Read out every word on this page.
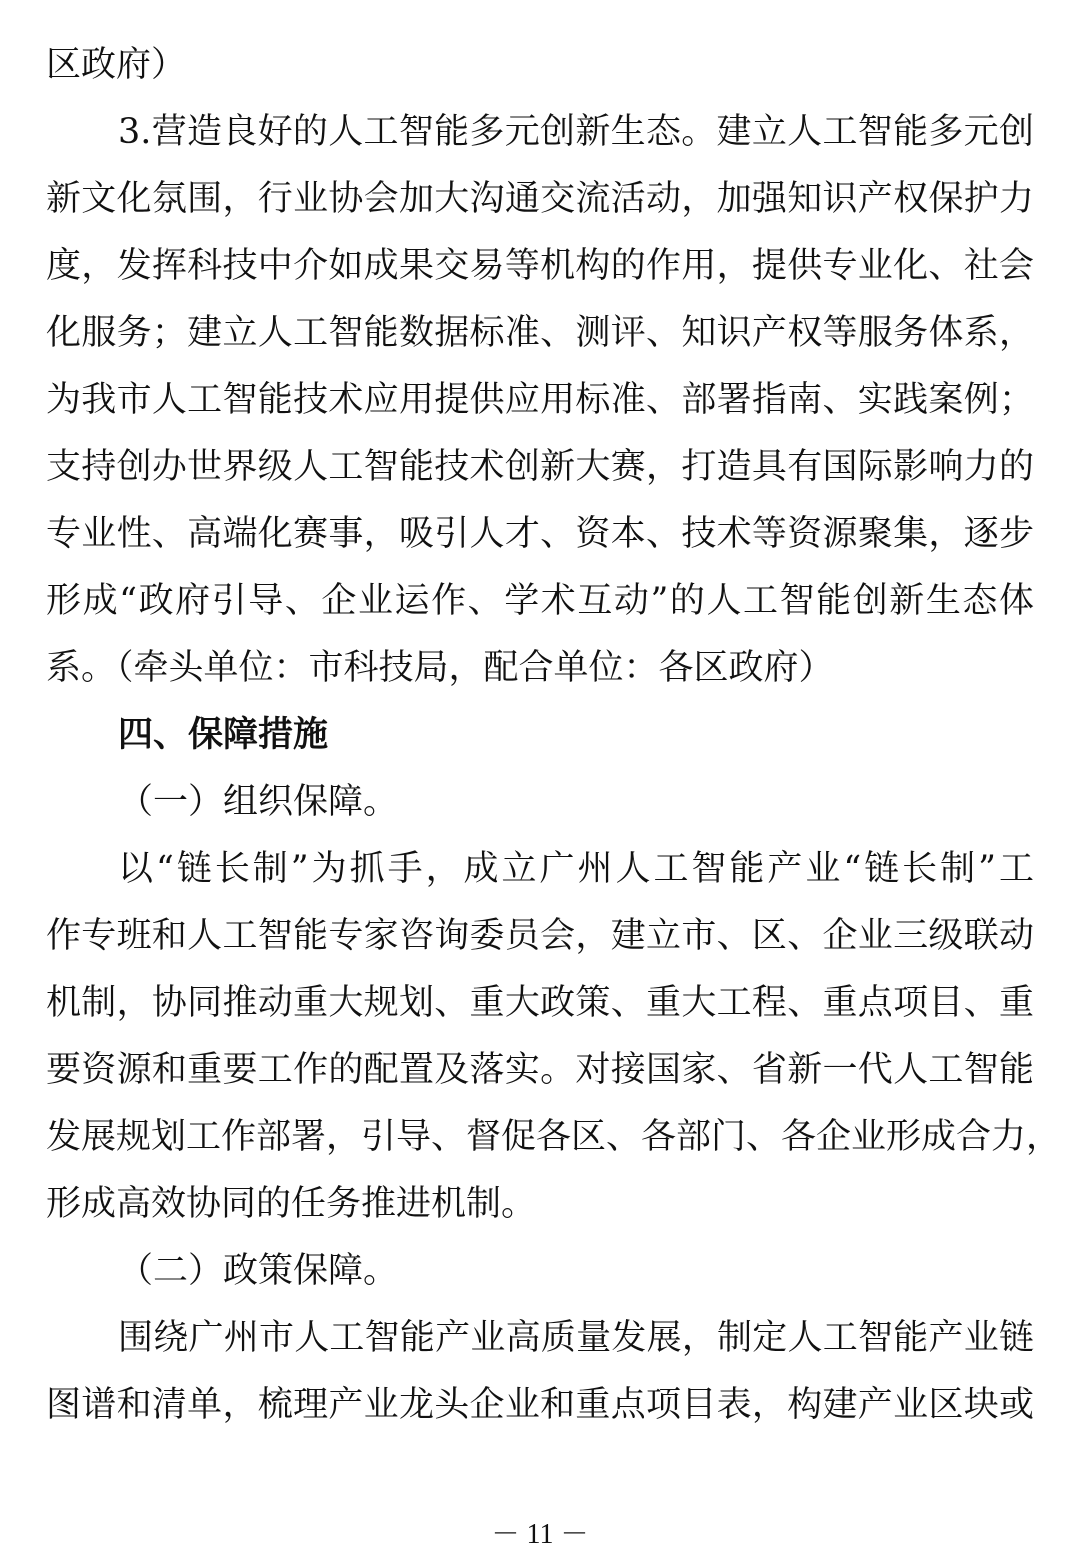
区政府）
3.营造良好的人工智能多元创新生态。建立人工智能多元创
新文化氛围，行业协会加大沟通交流活动，加强知识产权保护力
度，发挥科技中介如成果交易等机构的作用，提供专业化、社会
化服务；建立人工智能数据标准、测评、知识产权等服务体系，
为我市人工智能技术应用提供应用标准、部署指南、实践案例；
支持创办世界级人工智能技术创新大赛，打造具有国际影响力的
专业性、高端化赛事，吸引人才、资本、技术等资源聚集，逐步
形成“政府引导、企业运作、学术互动”的人工智能创新生态体
系。（牵头单位：市科技局，配合单位：各区政府）
四、保障措施
（一）组织保障。
以“链长制”为抓手，成立广州人工智能产业“链长制”工
作专班和人工智能专家咨询委员会，建立市、区、企业三级联动
机制，协同推动重大规划、重大政策、重大工程、重点项目、重
要资源和重要工作的配置及落实。对接国家、省新一代人工智能
发展规划工作部署，引导、督促各区、各部门、各企业形成合力，
形成高效协同的任务推进机制。
（二）政策保障。
围绕广州市人工智能产业高质量发展，制定人工智能产业链
图谱和清单，梳理产业龙头企业和重点项目表，构建产业区块或
－ 11 －
